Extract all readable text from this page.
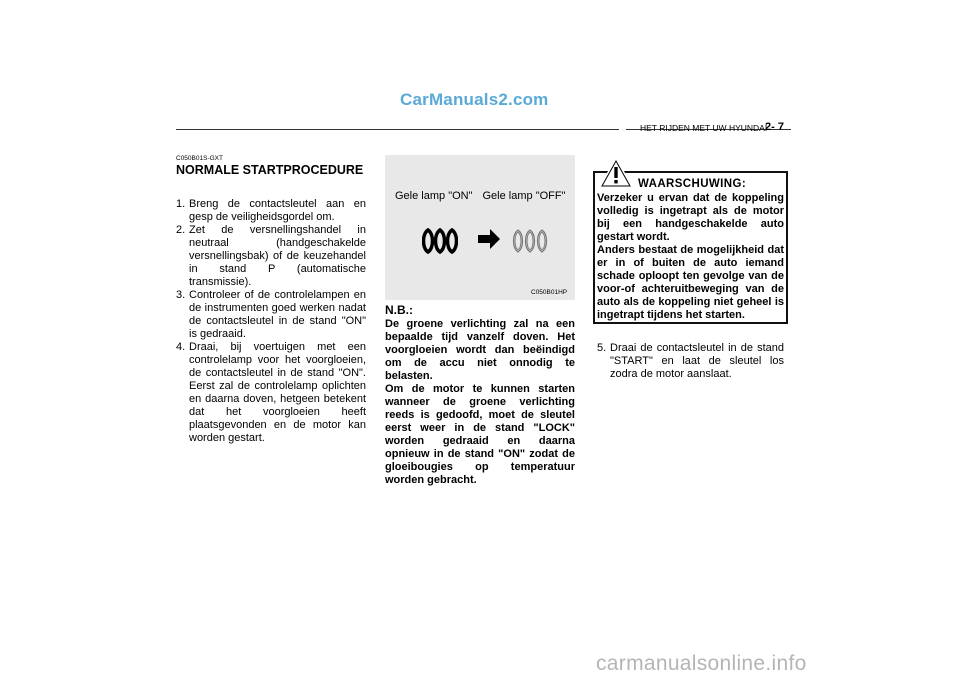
CarManuals2.com
HET RIJDEN MET UW HYUNDAI
2- 7
C050B01S-GXT
NORMALE STARTPROCEDURE
1. Breng de contactsleutel aan en gesp de veiligheidsgordel om.
2. Zet de versnellingshandel in neutraal (handgeschakelde versnellingsbak) of de keuzehandel in stand P (automatische transmissie).
3. Controleer of de controlelampen en de instrumenten goed werken nadat de contactsleutel in de stand "ON" is gedraaid.
4. Draai, bij voertuigen met een controlelamp voor het voorgloeien, de contactsleutel in de stand "ON". Eerst zal de controlelamp oplichten en daarna doven, hetgeen betekent dat het voorgloeien heeft plaatsgevonden en de motor kan worden gestart.
Gele lamp "ON" Gele lamp "OFF"
C050B01HP
N.B.:

De groene verlichting zal na een bepaalde tijd vanzelf doven. Het voorgloeien wordt dan beëindigd om de accu niet onnodig te belasten.

Om de motor te kunnen starten wanneer de groene verlichting reeds is gedoofd, moet de sleutel eerst weer in de stand "LOCK" worden gedraaid en daarna opnieuw in de stand "ON" zodat de gloeibougies op temperatuur worden gebracht.

WAARSCHUWING:

Verzeker u ervan dat de koppeling volledig is ingetrapt als de motor bij een handgeschakelde auto gestart wordt.

Anders bestaat de mogelijkheid dat er in of buiten de auto iemand schade oploopt ten gevolge van de voor-of achteruitbeweging van de auto als de koppeling niet geheel is ingetrapt tijdens het starten.

5. Draai de contactsleutel in de stand "START" en laat de sleutel los zodra de motor aanslaat.
carmanualsonline.info
